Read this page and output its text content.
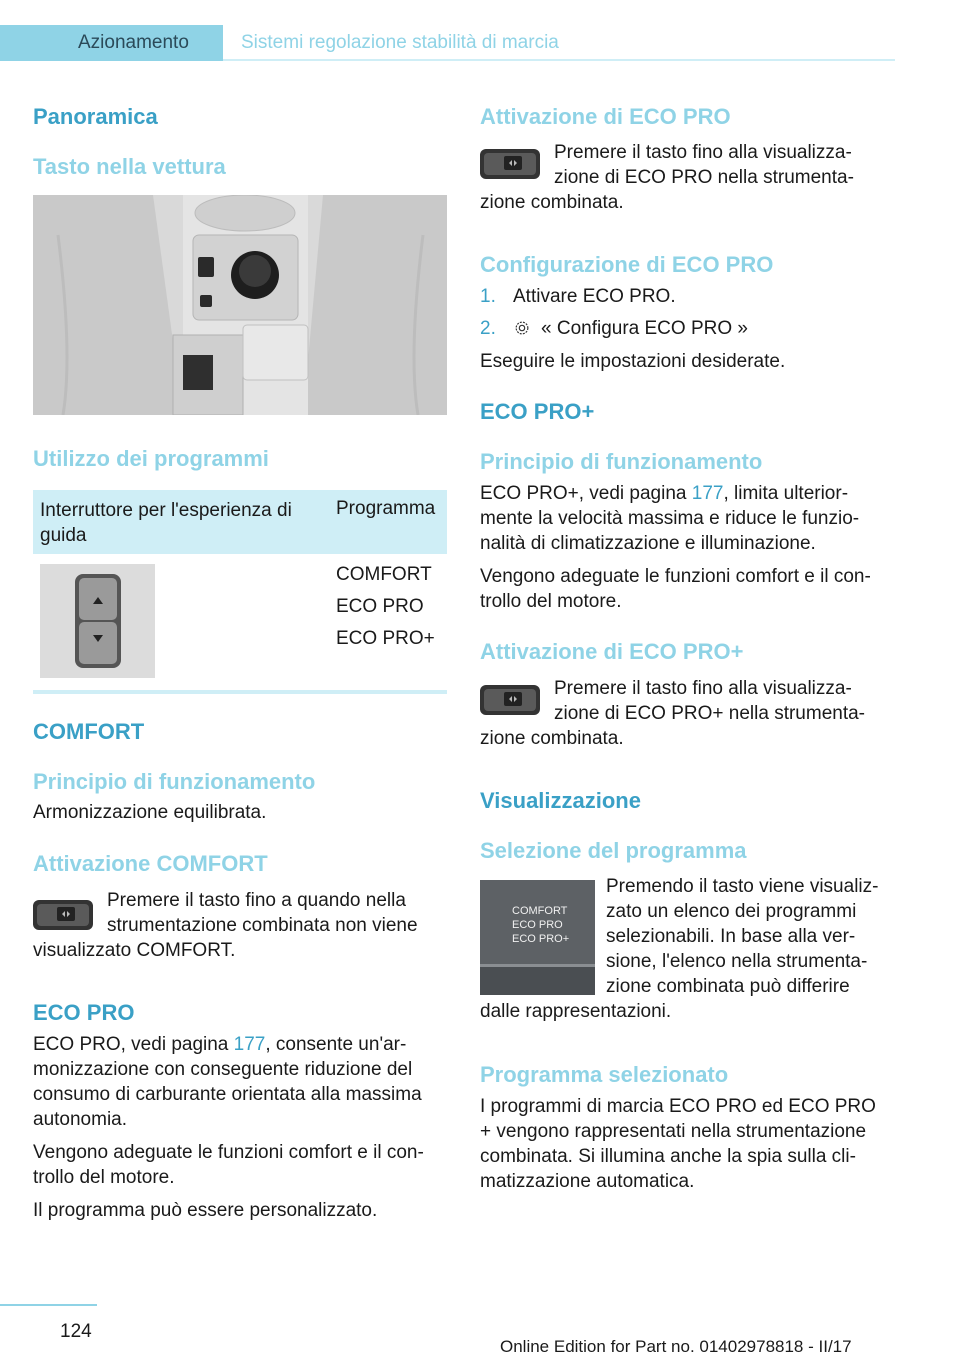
Azionamento	Sistemi regolazione stabilità di marcia
Panoramica
Tasto nella vettura
Utilizzo dei programmi
Interruttore per l'esperienza di guida
Programma
COMFORT
ECO PRO
ECO PRO+
COMFORT
Principio di funzionamento
Armonizzazione equilibrata.
Attivazione COMFORT
Premere il tasto fino a quando nella
strumentazione combinata non viene
visualizzato COMFORT.
ECO PRO
ECO PRO, vedi pagina 177, consente un'ar-
monizzazione con conseguente riduzione del
consumo di carburante orientata alla massima
autonomia.
Vengono adeguate le funzioni comfort e il con-
trollo del motore.
Il programma può essere personalizzato.
Attivazione di ECO PRO
Premere il tasto fino alla visualizza-
zione di ECO PRO nella strumenta-
zione combinata.
Configurazione di ECO PRO
1. Attivare ECO PRO.
2.	« Configura ECO PRO »
Eseguire le impostazioni desiderate.
ECO PRO+
Principio di funzionamento
ECO PRO+, vedi pagina 177, limita ulterior-
mente la velocità massima e riduce le funzio-
nalità di climatizzazione e illuminazione.
Vengono adeguate le funzioni comfort e il con-
trollo del motore.
Attivazione di ECO PRO+
Premere il tasto fino alla visualizza-
zione di ECO PRO+ nella strumenta-
zione combinata.
Visualizzazione
Selezione del programma
COMFORT
ECO PRO
ECO PRO+
Premendo il tasto viene visualiz-
zato un elenco dei programmi
selezionabili. In base alla ver-
sione, l'elenco nella strumenta-
zione combinata può differire
dalle rappresentazioni.
Programma selezionato
I programmi di marcia ECO PRO ed ECO PRO
+ vengono rappresentati nella strumentazione
combinata. Si illumina anche la spia sulla cli-
matizzazione automatica.
124
Online Edition for Part no. 01402978818 - II/17
